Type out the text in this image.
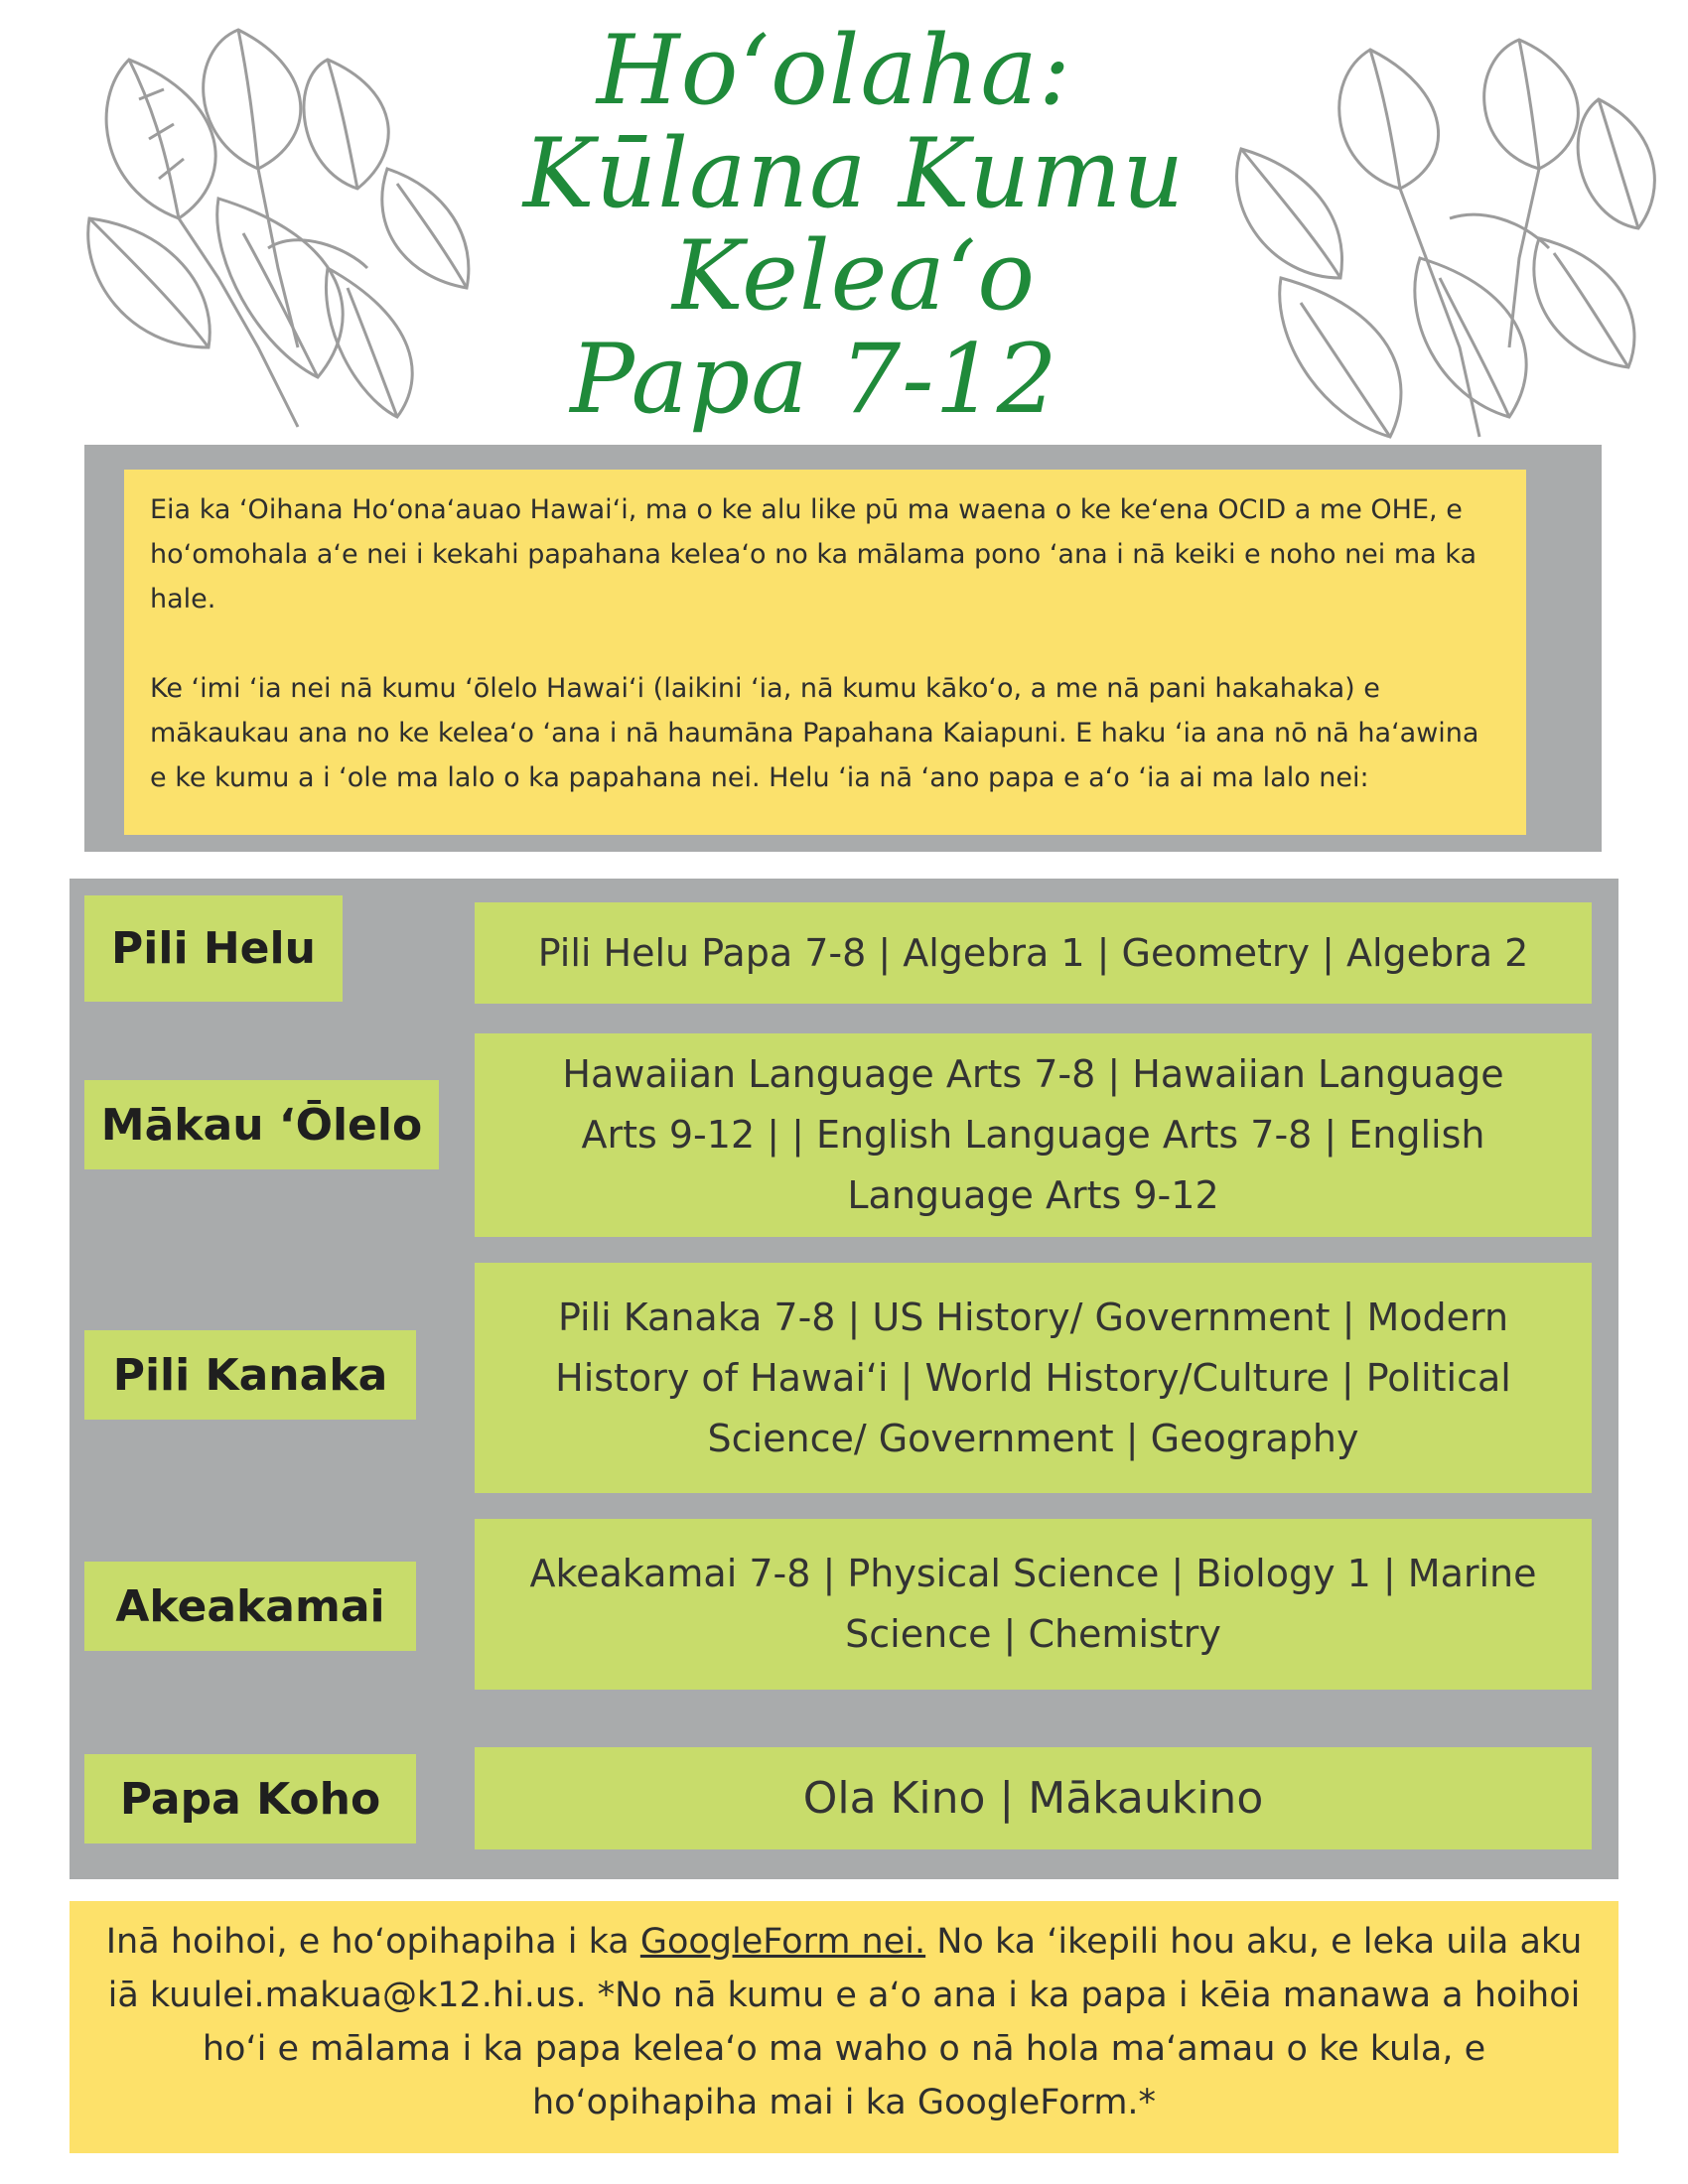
Hoʻolaha:
Kūlana Kumu Keleaʻo
Papa 7-12

Eia ka ʻOihana Hoʻonaʻauao Hawaiʻi, ma o ke alu like pū ma waena o ke keʻena OCID a me OHE, e hoʻomohala aʻe nei i kekahi papahana keleaʻo no ka mālama pono ʻana i nā keiki e noho nei ma ka hale.

Ke ʻimi ʻia nei nā kumu ʻōlelo Hawaiʻi (laikini ʻia, nā kumu kākoʻo, a me nā pani hakahaka) e mākaukau ana no ke keleaʻo ʻana i nā haumāna Papahana Kaiapuni. E haku ʻia ana nō nā haʻawina e ke kumu a i ʻole ma lalo o ka papahana nei. Helu ʻia nā ʻano papa e aʻo ʻia ai ma lalo nei:

Pili Helu	Pili Helu Papa 7-8 | Algebra 1 | Geometry | Algebra 2
Mākau ʻŌlelo
Hawaiian Language Arts 7-8 | Hawaiian Language Arts 9-12 | | English Language Arts 7-8 | English Language Arts 9-12
Pili Kanaka
Pili Kanaka 7-8 | US History/ Government | Modern History of Hawaiʻi | World History/Culture | Political Science/ Government | Geography
Akeakamai
Akeakamai 7-8 | Physical Science | Biology 1 | Marine Science | Chemistry
Papa Koho	Ola Kino | Mākaukino
Inā hoihoi, e hoʻopihapiha i ka GoogleForm nei. No ka ʻikepili hou aku, e leka uila aku iā kuulei.makua@k12.hi.us. *No nā kumu e aʻo ana i ka papa i kēia manawa a hoihoi hoʻi e mālama i ka papa keleaʻo ma waho o nā hola maʻamau o ke kula, e hoʻopihapiha mai i ka GoogleForm.*
